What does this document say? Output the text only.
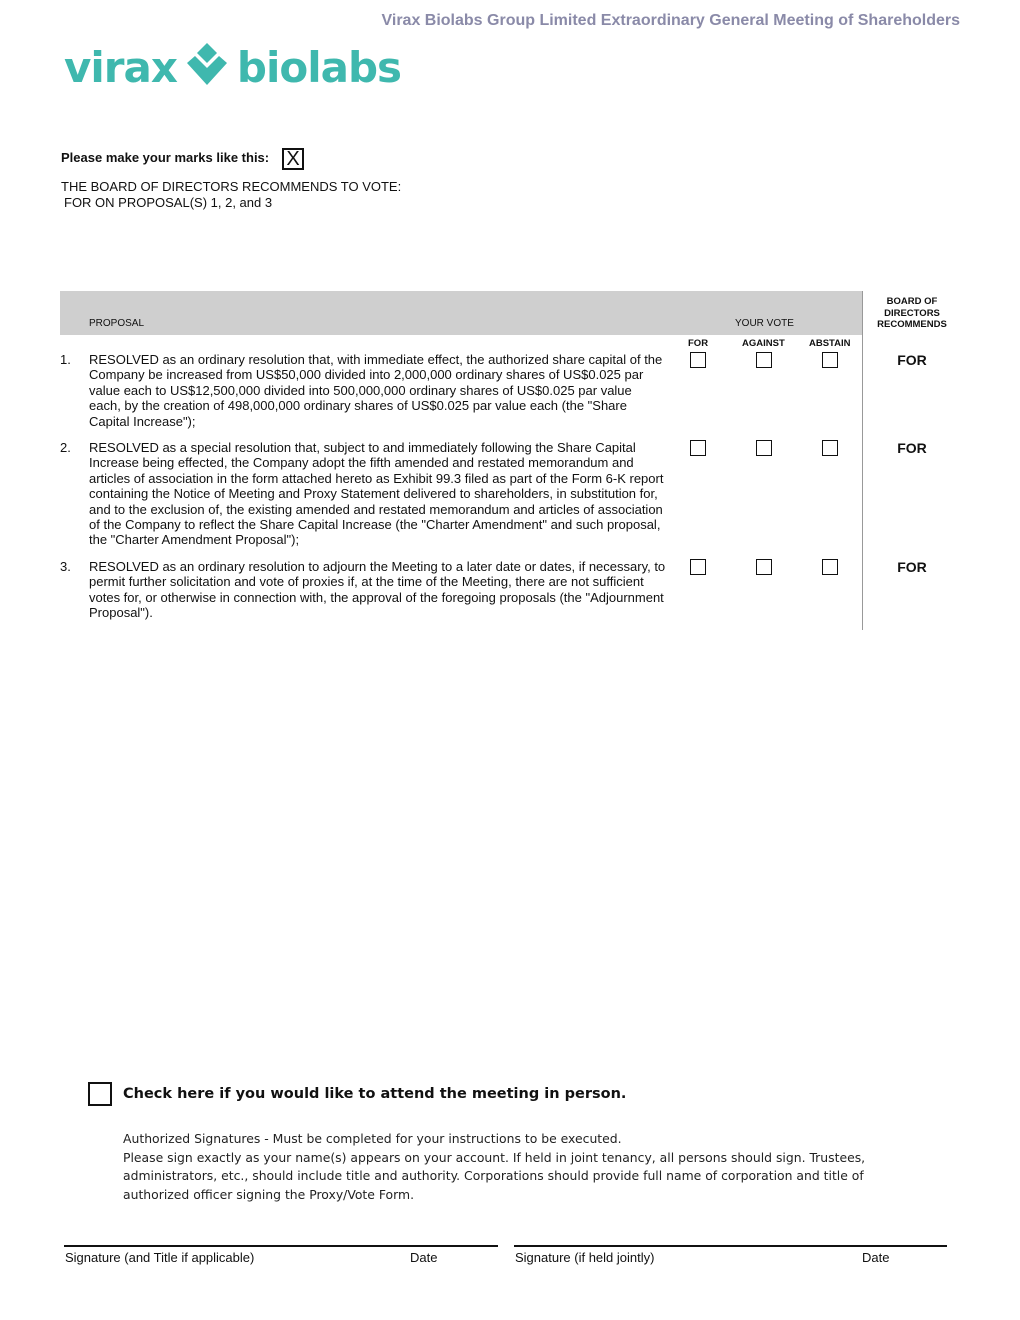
Virax Biolabs Group Limited Extraordinary General Meeting of Shareholders
virax biolabs
Please make your marks like this: X
THE BOARD OF DIRECTORS RECOMMENDS TO VOTE:
FOR ON PROPOSAL(S) 1, 2, and 3
PROPOSAL	YOUR VOTE
BOARD OF
DIRECTORS
RECOMMENDS
FOR	AGAINST	ABSTAIN
1. RESOLVED as an ordinary resolution that, with immediate effect, the authorized share capital of the Company be increased from US$50,000 divided into 2,000,000 ordinary shares of US$0.025 par value each to US$12,500,000 divided into 500,000,000 ordinary shares of US$0.025 par value each, by the creation of 498,000,000 ordinary shares of US$0.025 par value each (the "Share Capital Increase");
FOR
2. RESOLVED as a special resolution that, subject to and immediately following the Share Capital Increase being effected, the Company adopt the fifth amended and restated memorandum and articles of association in the form attached hereto as Exhibit 99.3 filed as part of the Form 6-K report containing the Notice of Meeting and Proxy Statement delivered to shareholders, in substitution for, and to the exclusion of, the existing amended and restated memorandum and articles of association of the Company to reflect the Share Capital Increase (the "Charter Amendment" and such proposal, the "Charter Amendment Proposal");
FOR
3. RESOLVED as an ordinary resolution to adjourn the Meeting to a later date or dates, if necessary, to permit further solicitation and vote of proxies if, at the time of the Meeting, there are not sufficient votes for, or otherwise in connection with, the approval of the foregoing proposals (the "Adjournment Proposal").
FOR
Check here if you would like to attend the meeting in person.
Authorized Signatures - Must be completed for your instructions to be executed.
Please sign exactly as your name(s) appears on your account. If held in joint tenancy, all persons should sign. Trustees, administrators, etc., should include title and authority. Corporations should provide full name of corporation and title of authorized officer signing the Proxy/Vote Form.
Signature (and Title if applicable)	Date	Signature (if held jointly)	Date
